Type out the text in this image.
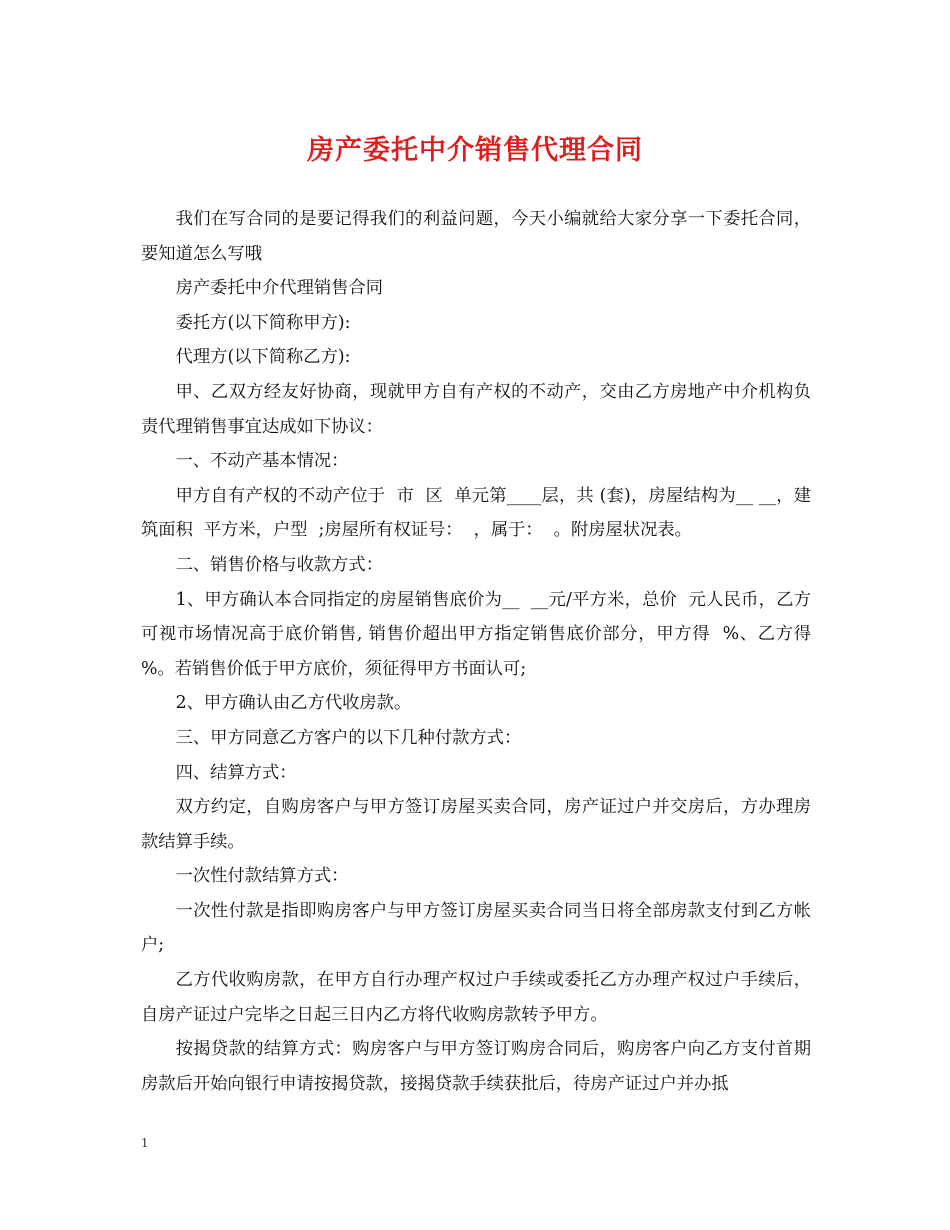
房产委托中介销售代理合同

我们在写合同的是要记得我们的利益问题，今天小编就给大家分享一下委托合同，要知道怎么写哦

房产委托中介代理销售合同

委托方(以下简称甲方):

代理方(以下简称乙方):

甲、乙双方经友好协商，现就甲方自有产权的不动产，交由乙方房地产中介机构负责代理销售事宜达成如下协议：

一、不动产基本情况：

甲方自有产权的不动产位于  市  区  单元第____层，共 (套)，房屋结构为__ __，建筑面积  平方米，户型  ;房屋所有权证号：  ，属于：  。附房屋状况表。

二、销售价格与收款方式：

1、甲方确认本合同指定的房屋销售底价为__  __元/平方米，总价  元人民币，乙方可视市场情况高于底价销售, 销售价超出甲方指定销售底价部分，甲方得  %、乙方得  %。若销售价低于甲方底价，须征得甲方书面认可;

2、甲方确认由乙方代收房款。

三、甲方同意乙方客户的以下几种付款方式：

四、结算方式：

双方约定，自购房客户与甲方签订房屋买卖合同，房产证过户并交房后，方办理房款结算手续。

一次性付款结算方式：

一次性付款是指即购房客户与甲方签订房屋买卖合同当日将全部房款支付到乙方帐户;

乙方代收购房款，在甲方自行办理产权过户手续或委托乙方办理产权过户手续后，自房产证过户完毕之日起三日内乙方将代收购房款转予甲方。

按揭贷款的结算方式：购房客户与甲方签订购房合同后，购房客户向乙方支付首期房款后开始向银行申请按揭贷款，接揭贷款手续获批后，待房产证过户并办抵

1
